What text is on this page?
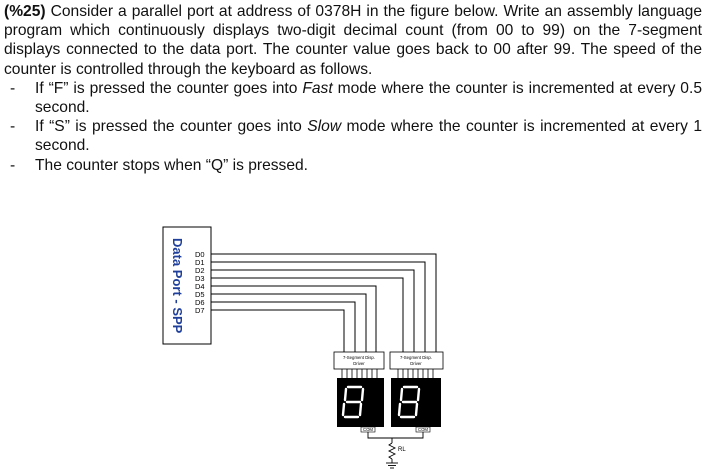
(%25) Consider a parallel port at address of 0378H in the figure below. Write an assembly language program which continuously displays two-digit decimal count (from 00 to 99) on the 7-segment displays connected to the data port. The counter value goes back to 00 after 99. The speed of the counter is controlled through the keyboard as follows.

- If “F” is pressed the counter goes into Fast mode where the counter is incremented at every 0.5 second.
- If “S” is pressed the counter goes into Slow mode where the counter is incremented at every 1 second.
- The counter stops when “Q” is pressed.
Data Port - SPP D0
D1
D2
D3
D4
D5
D6
D7
7-Segment Disp.
Driver
7-Segment Disp.
Driver
COM	COM
RL
